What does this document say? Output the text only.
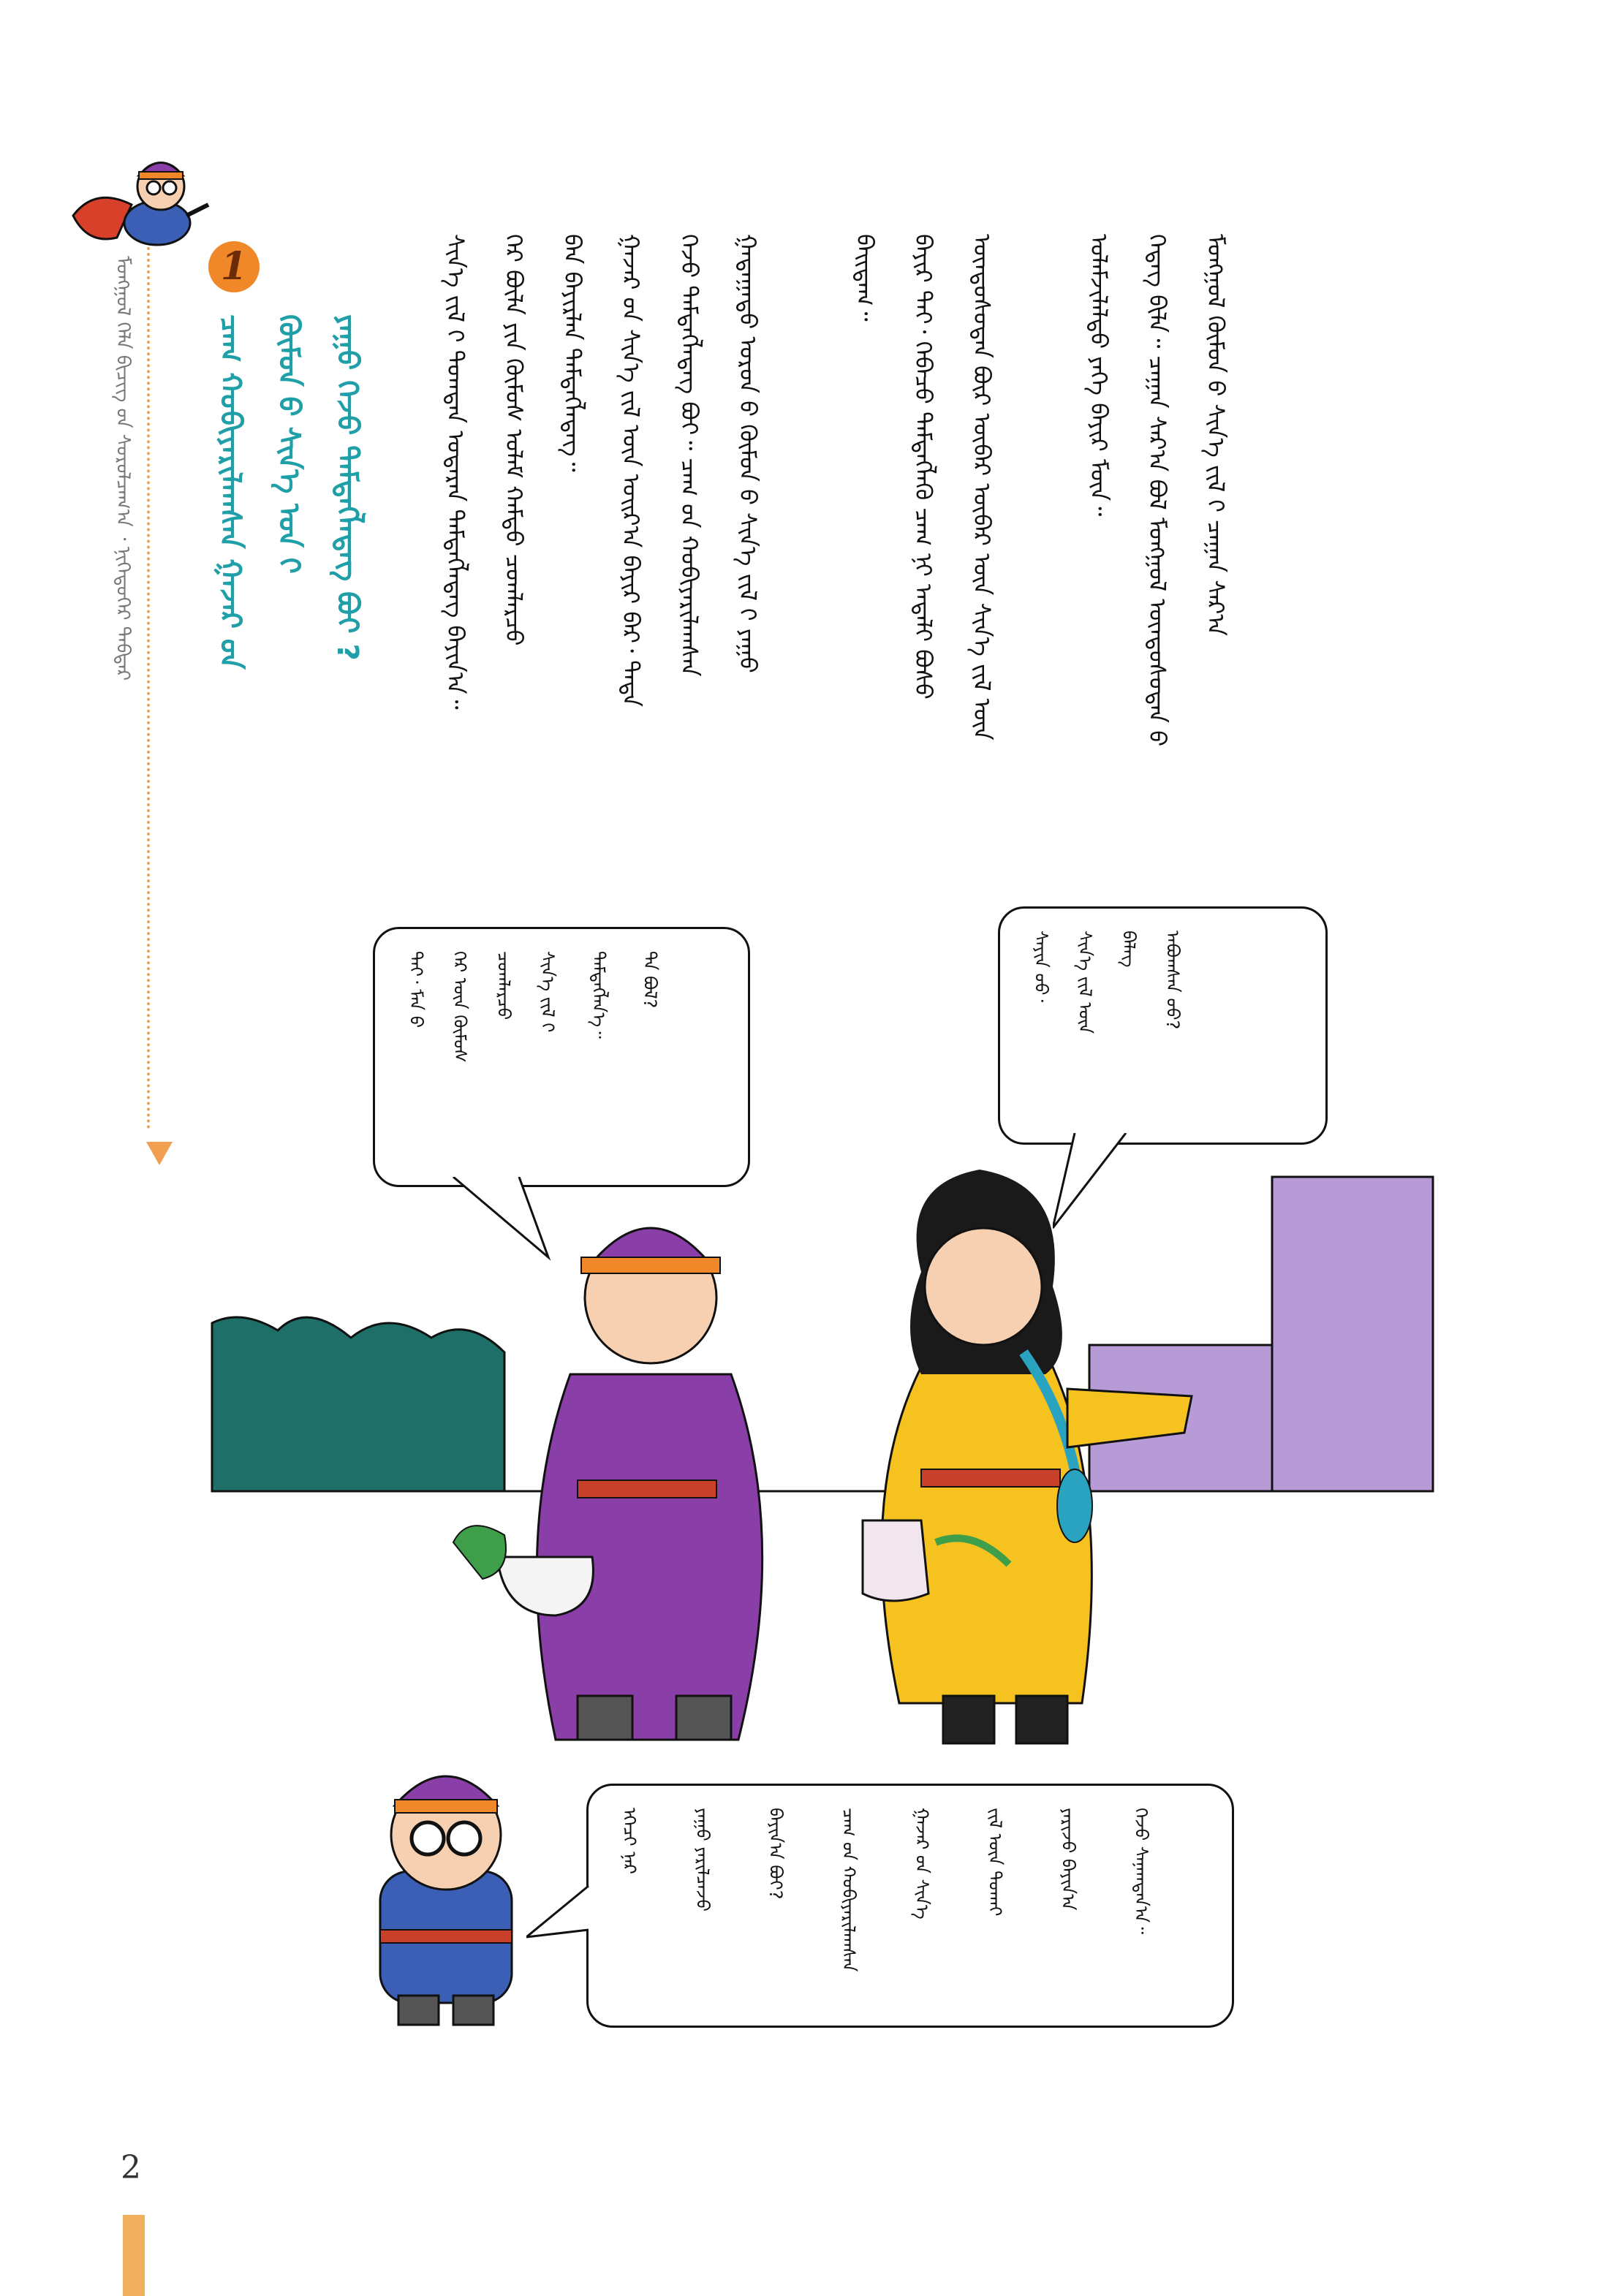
ᠮᠣᠩᠭᠣᠯ ᠬᠡᠯᠡ ᠪᠢᠴᠢᠭ ᠤ᠋ᠨ ᠰᠤᠷᠤᠯᠴᠠᠭ᠎ᠠ ᠂ ᠨᠢᠭᠡᠳᠦᠭᠡᠷ ᠳᠡᠪᠲᠡᠷ	1
ᠴᠠᠭ ᠬᠤᠪᠢᠶᠠᠷᠢᠯᠠᠭᠰᠠᠨ ᠭᠠᠵᠠᠷ ᠤ᠋ᠨ ᠬᠦᠮᠦᠨ ᠦ᠌ ᠰᠢᠨ᠎ᠡ ᠣᠨ ᠢ᠋ ᠶᠠᠭᠤ ᠭᠡᠵᠦ ᠲᠡᠮᠳᠡᠭᠯᠡᠳᠡᠭ ᠪᠤᠢ ?	ᠰᠢᠨ᠎ᠡ ᠵᠢᠯ ᠢ᠋ ᠲᠤᠭᠳᠠᠨ ᠤᠲᠠᠷᠠᠨ ᠲᠡᠮᠳᠡᠭᠯᠡᠳᠡᠭ ᠪᠠᠶᠢᠨ᠎ᠠ᠃	ᠭᠡᠷ ᠪᠦᠯᠡ ᠶᠢᠨ ᠬᠦᠮᠦᠰ ᠤᠯᠠᠮ ᠬᠠᠮᠲᠤ ᠴᠤᠭᠯᠠᠷᠴᠤ	ᠪᠡᠨ ᠪᠠᠶᠢᠷᠯᠠᠨ ᠲᠡᠮᠳᠡᠭᠯᠡᠳᠡᠭ᠃	ᠭᠠᠵᠠᠷ ᠤ᠋ᠨ ᠰᠢᠨ᠎ᠡ ᠵᠢᠯ ᠦ᠌ᠨ ᠣᠢᠷ᠎ᠠ ᠪᠠᠶᠢᠷ ᠪᠠᠷ᠂ ᠲᠡᠳᠡ	ᠭᠡᠵᠦ ᠲᠡᠮᠳᠡᠭᠯᠡᠳᠡᠭ ᠪᠤᠢ᠃ ᠴᠠᠭ ᠤ᠋ᠨ ᠬᠤᠪᠢᠶᠠᠷᠢᠯᠠᠭᠰᠠᠨ	ᠭᠠᠳᠠᠭᠠᠳᠤ ᠣᠷᠣᠨ ᠤ᠋ ᠬᠦᠮᠦᠨ ᠦ᠌ ᠰᠢᠨ᠎ᠡ ᠵᠢᠯ ᠢ᠋ ᠶᠠᠭᠤ	ᠪᠠᠢᠳᠠᠭ᠃	ᠪᠠᠶᠢᠷ ᠲᠡᠢ᠂ ᠭᠡᠪᠡᠴᠦ ᠲᠡᠮᠳᠡᠭᠯᠡᠬᠦ ᠴᠠᠭ ᠨᠢ ᠠᠳᠠᠯᠢ ᠪᠤᠰᠤ	ᠦᠨᠳᠦᠰᠦᠲᠡᠨ ᠪᠦᠷ ᠥᠪᠡᠷ ᠥᠪᠡᠷ ᠦ᠌ᠨ ᠰᠢᠨ᠎ᠡ ᠵᠢᠯ ᠦ᠌ᠨ	ᠤᠯᠠᠮᠵᠢᠯᠠᠯᠲᠤ ᠶᠡᠬᠡ ᠪᠠᠶᠢᠷ ᠮᠥᠨ᠃	ᠭᠡᠳᠡᠭ ᠪᠢᠯᠡ᠃ ᠴᠠᠭᠠᠨ ᠰᠠᠷ᠎ᠠ ᠪᠣᠯ ᠮᠣᠩᠭᠣᠯ ᠦᠨᠳᠦᠰᠦᠲᠡᠨ ᠦ᠌	ᠮᠣᠩᠭᠣᠯ ᠬᠦᠮᠦᠨ ᠦ᠌ ᠰᠢᠨ᠎ᠡ ᠵᠢᠯ ᠢ᠋ ᠴᠠᠭᠠᠨ ᠰᠠᠷ᠎ᠠ
ᠰᠠᠶᠢᠨ ᠤᠤ᠂	ᠰᠢᠨ᠎ᠡ ᠵᠢᠯ ᠦ᠌ᠨ	ᠪᠡᠯᠡᠭ	ᠠᠪᠤᠭᠰᠠᠨ ᠤᠤ?
ᠲᠡᠢ᠂ ᠮᠠᠨ ᠤ᠋	ᠭᠡᠷ ᠦ᠌ᠨ ᠬᠦᠮᠦᠰ	ᠴᠤᠭᠯᠠᠷᠴᠤ	ᠰᠢᠨ᠎ᠡ ᠵᠢᠯ ᠢ᠋	ᠲᠡᠮᠳᠡᠭᠯᠡᠨ᠎ᠡ᠃	ᠲᠠ ᠪᠣᠯ?
ᠡᠭᠡᠴᠢ ᠨᠠᠷ	ᠶᠠᠭᠤ ᠶᠠᠷᠢᠯᠴᠠᠵᠤ	ᠪᠠᠶᠢᠨ᠎ᠠ ᠪᠤᠢ?	ᠴᠠᠭ ᠤ᠋ᠨ ᠬᠤᠪᠢᠶᠠᠷᠢᠯᠠᠭᠰᠠᠨ	ᠭᠠᠵᠠᠷ ᠤ᠋ᠨ ᠰᠢᠨ᠎ᠡ	ᠵᠢᠯ ᠦ᠌ᠨ ᠲᠤᠬᠠᠢ	ᠶᠠᠷᠢᠵᠤ ᠪᠠᠶᠢᠨ᠎ᠠ	ᠭᠡᠵᠦ ᠰᠠᠨᠠᠭᠳᠠᠨ᠎ᠠ᠃
2
